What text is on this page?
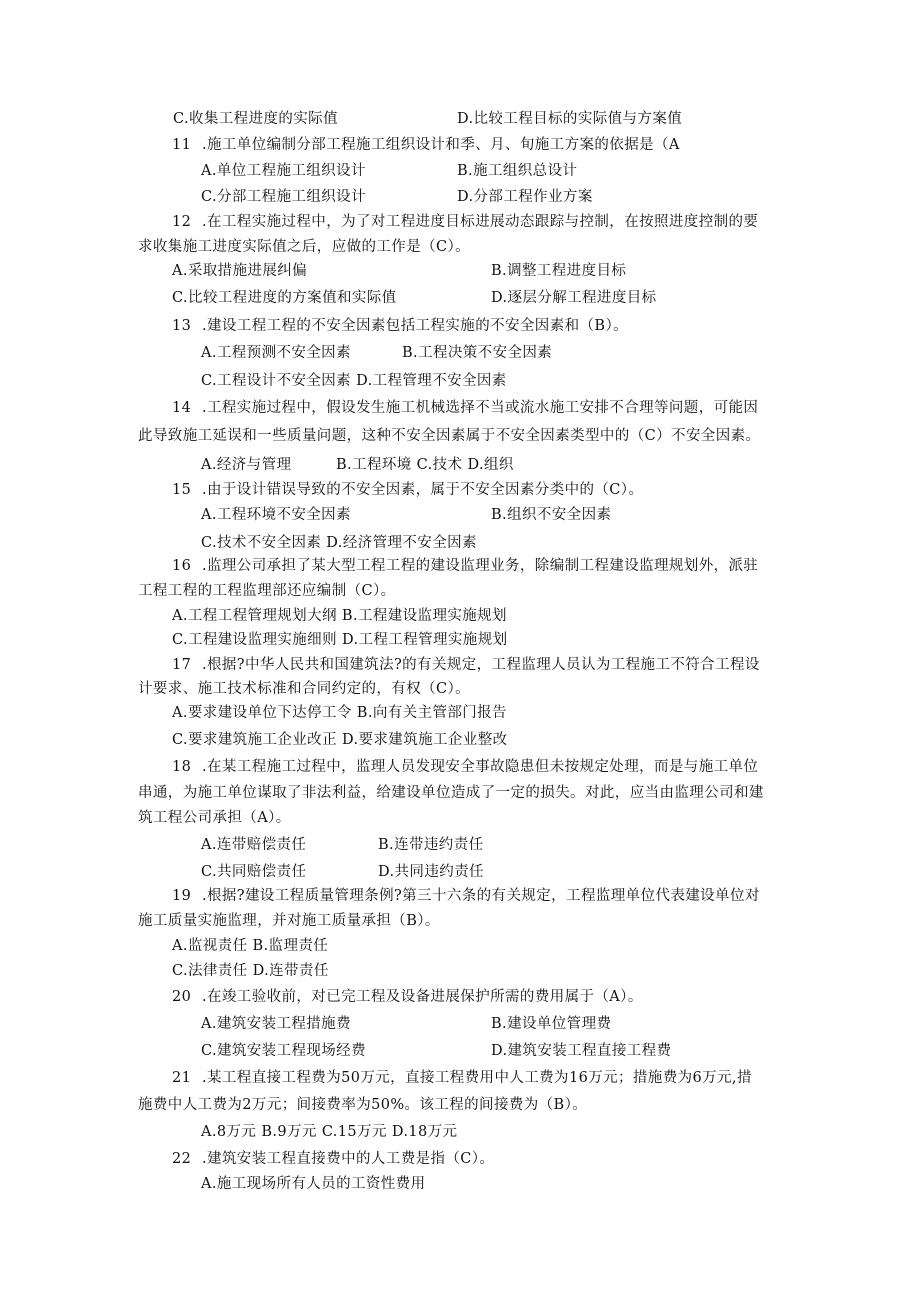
C.收集工程进度的实际值	D.比较工程目标的实际值与方案值
11 .施工单位编制分部工程施工组织设计和季、月、旬施工方案的依据是（A
A.单位工程施工组织设计	B.施工组织总设计
C.分部工程施工组织设计	D.分部工程作业方案
12 .在工程实施过程中，为了对工程进度目标进展动态跟踪与控制，在按照进度控制的要
求收集施工进度实际值之后，应做的工作是（C）。
A.采取措施进展纠偏	B.调整工程进度目标
C.比较工程进度的方案值和实际值	D.逐层分解工程进度目标
13 .建设工程工程的不安全因素包括工程实施的不安全因素和（B）。
A.工程预测不安全因素	B.工程决策不安全因素
C.工程设计不安全因素 D.工程管理不安全因素
14 .工程实施过程中，假设发生施工机械选择不当或流水施工安排不合理等问题，可能因
此导致施工延误和一些质量问题，这种不安全因素属于不安全因素类型中的（C）不安全因素。
A.经济与管理	B.工程环境 C.技术 D.组织
15 .由于设计错误导致的不安全因素，属于不安全因素分类中的（C）。
A.工程环境不安全因素	B.组织不安全因素
C.技术不安全因素 D.经济管理不安全因素
16 .监理公司承担了某大型工程工程的建设监理业务，除编制工程建设监理规划外，派驻
工程工程的工程监理部还应编制（C）。
A.工程工程管理规划大纲 B.工程建设监理实施规划
C.工程建设监理实施细则 D.工程工程管理实施规划
17 .根据?中华人民共和国建筑法?的有关规定，工程监理人员认为工程施工不符合工程设
计要求、施工技术标准和合同约定的，有权（C）。
A.要求建设单位下达停工令 B.向有关主管部门报告
C.要求建筑施工企业改正 D.要求建筑施工企业整改
18 .在某工程施工过程中，监理人员发现安全事故隐患但未按规定处理，而是与施工单位
串通，为施工单位谋取了非法利益，给建设单位造成了一定的损失。对此，应当由监理公司和建
筑工程公司承担（A）。
A.连带赔偿责任	B.连带违约责任
C.共同赔偿责任	D.共同违约责任
19 .根据?建设工程质量管理条例?第三十六条的有关规定，工程监理单位代表建设单位对
施工质量实施监理，并对施工质量承担（B）。
A.监视责任 B.监理责任
C.法律责任 D.连带责任
20 .在竣工验收前，对已完工程及设备进展保护所需的费用属于（A）。
A.建筑安装工程措施费	B.建设单位管理费
C.建筑安装工程现场经费	D.建筑安装工程直接工程费
21 .某工程直接工程费为50万元，直接工程费用中人工费为16万元；措施费为6万元,措
施费中人工费为2万元；间接费率为50%。该工程的间接费为（B）。
A.8万元 B.9万元 C.15万元 D.18万元
22 .建筑安装工程直接费中的人工费是指（C）。
A.施工现场所有人员的工资性费用
